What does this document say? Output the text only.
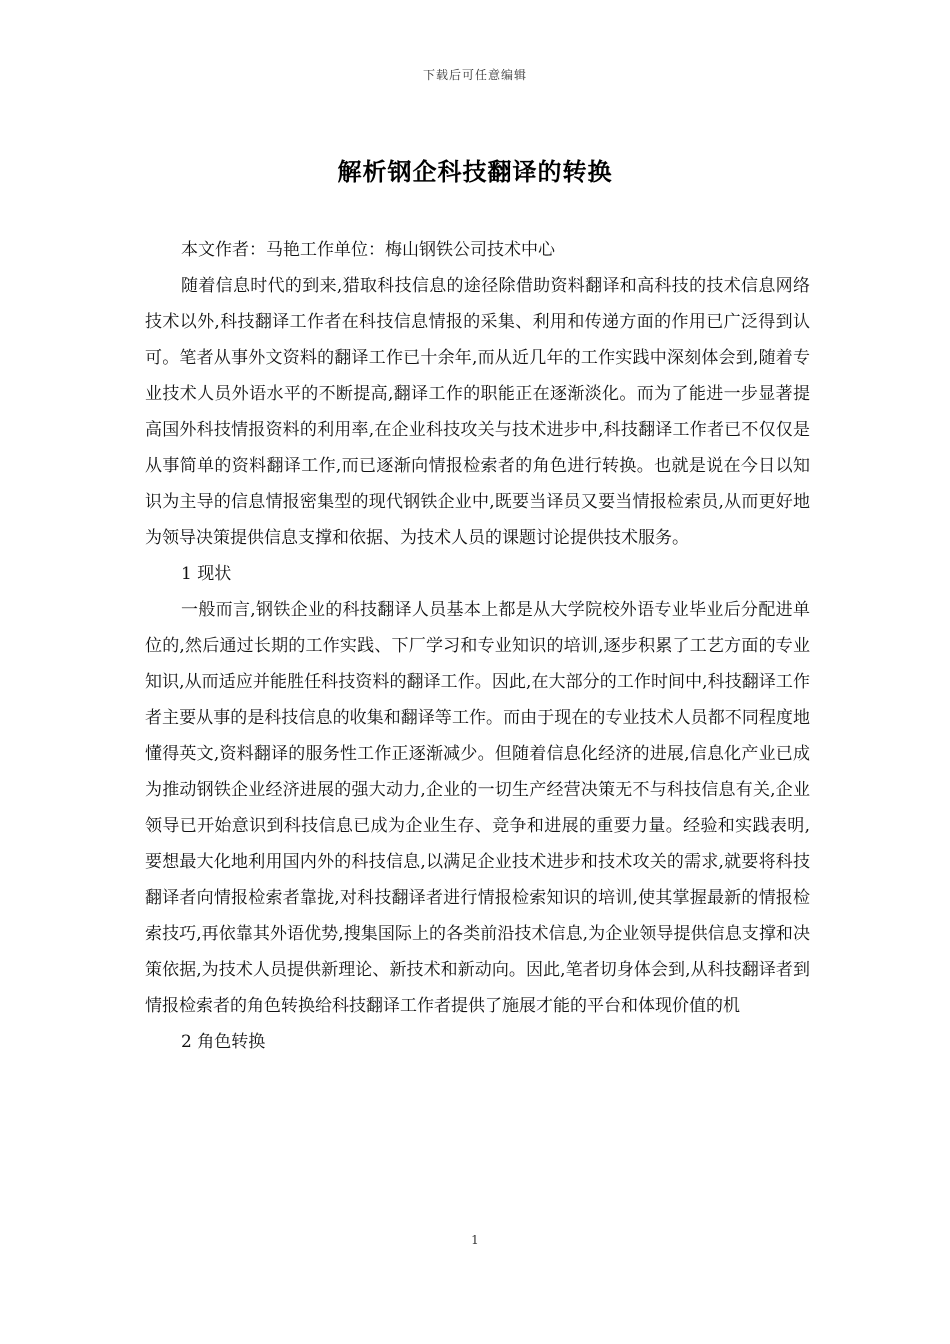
下载后可任意编辑
解析钢企科技翻译的转换

本文作者：马艳工作单位：梅山钢铁公司技术中心

随着信息时代的到来,猎取科技信息的途径除借助资料翻译和高科技的技术信息网络技术以外,科技翻译工作者在科技信息情报的采集、利用和传递方面的作用已广泛得到认可。笔者从事外文资料的翻译工作已十余年,而从近几年的工作实践中深刻体会到,随着专业技术人员外语水平的不断提高,翻译工作的职能正在逐渐淡化。而为了能进一步显著提高国外科技情报资料的利用率,在企业科技攻关与技术进步中,科技翻译工作者已不仅仅是从事简单的资料翻译工作,而已逐渐向情报检索者的角色进行转换。也就是说在今日以知识为主导的信息情报密集型的现代钢铁企业中,既要当译员又要当情报检索员,从而更好地为领导决策提供信息支撑和依据、为技术人员的课题讨论提供技术服务。

1 现状

一般而言,钢铁企业的科技翻译人员基本上都是从大学院校外语专业毕业后分配进单位的,然后通过长期的工作实践、下厂学习和专业知识的培训,逐步积累了工艺方面的专业知识,从而适应并能胜任科技资料的翻译工作。因此,在大部分的工作时间中,科技翻译工作者主要从事的是科技信息的收集和翻译等工作。而由于现在的专业技术人员都不同程度地懂得英文,资料翻译的服务性工作正逐渐减少。但随着信息化经济的进展,信息化产业已成为推动钢铁企业经济进展的强大动力,企业的一切生产经营决策无不与科技信息有关,企业领导已开始意识到科技信息已成为企业生存、竞争和进展的重要力量。经验和实践表明,要想最大化地利用国内外的科技信息,以满足企业技术进步和技术攻关的需求,就要将科技翻译者向情报检索者靠拢,对科技翻译者进行情报检索知识的培训,使其掌握最新的情报检索技巧,再依靠其外语优势,搜集国际上的各类前沿技术信息,为企业领导提供信息支撑和决策依据,为技术人员提供新理论、新技术和新动向。因此,笔者切身体会到,从科技翻译者到情报检索者的角色转换给科技翻译工作者提供了施展才能的平台和体现价值的机

2 角色转换

1
